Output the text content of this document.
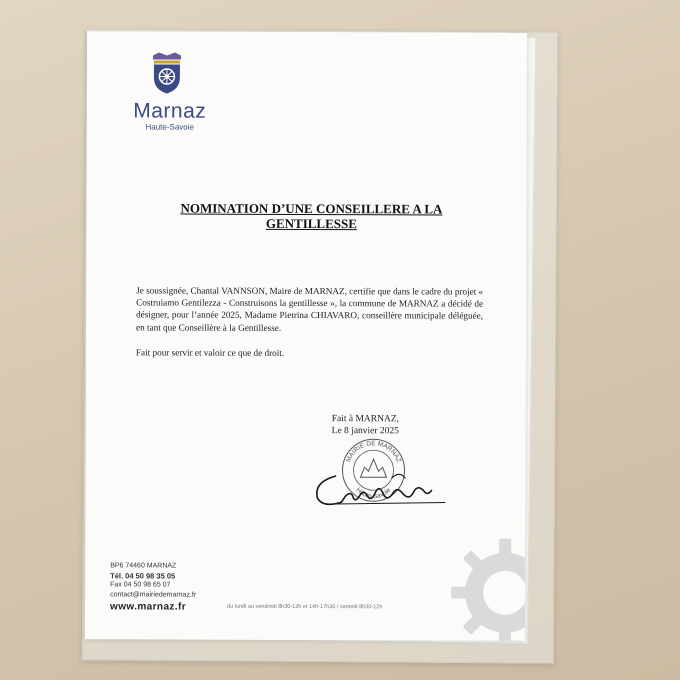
Marnaz
Haute-Savoie
NOMINATION D’UNE CONSEILLERE A LA GENTILLESSE

Je soussignée, Chantal VANNSON, Maire de MARNAZ, certifie que dans le cadre du projet « Costruiamo Gentilezza - Construisons la gentillesse », la commune de MARNAZ a décidé de désigner, pour l’année 2025, Madame Pietrina CHIAVARO, conseillère municipale déléguée, en tant que Conseillère à la Gentillesse.

Fait pour servir et valoir ce que de droit.

Fait à MARNAZ,
Le 8 janvier 2025
MAIRIE DE MARNAZ
Haute-Savoie
BP6 74460 MARNAZ
Tél. 04 50 98 35 05
Fax 04 50 98 65 07
contact@mairiedemarnaz.fr
www.marnaz.fr	du lundi au vendredi 8h30-12h et 14h-17h30 / samedi 8h30-12h
